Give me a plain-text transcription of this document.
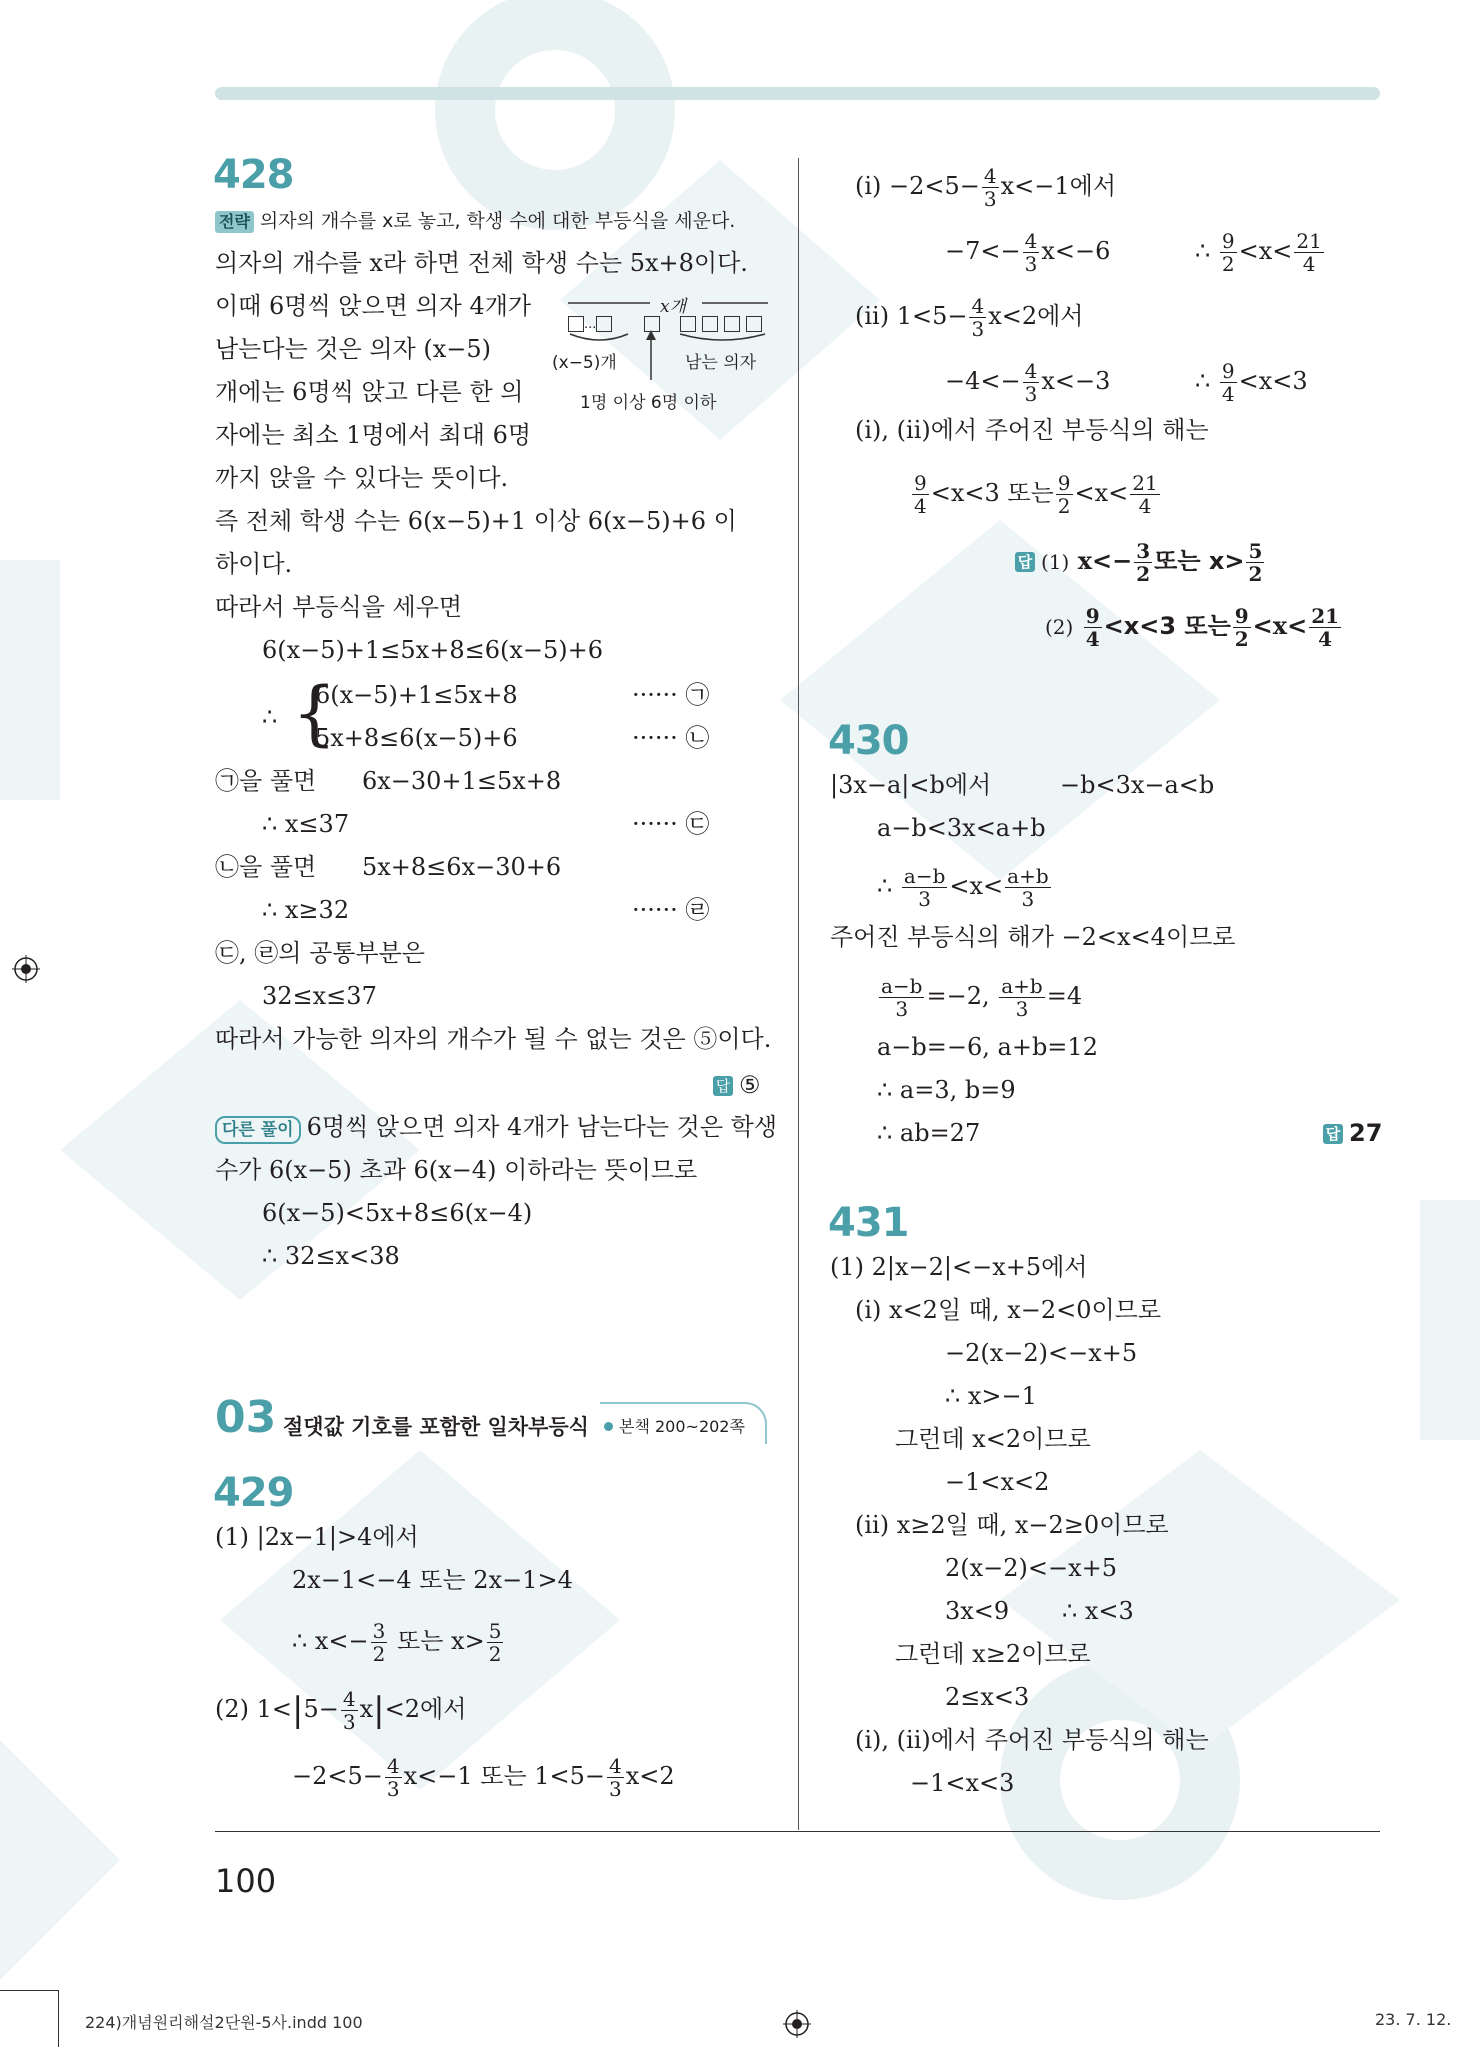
428
전략 의자의 개수를 x로 놓고, 학생 수에 대한 부등식을 세운다.
의자의 개수를 x라 하면 전체 학생 수는 5x+8이다.
이때 6명씩 앉으면 의자 4개가
남는다는 것은 의자 (x−5)
개에는 6명씩 앉고 다른 한 의
자에는 최소 1명에서 최대 6명
까지 앉을 수 있다는 뜻이다.
x개
···
(x−5)개	남는 의자
1명 이상 6명 이하
즉 전체 학생 수는 6(x−5)+1 이상 6(x−5)+6 이
하이다.
따라서 부등식을 세우면
6(x−5)+1≤5x+8≤6(x−5)+6
∴ {
6(x−5)+1≤5x+8	······ ㉠
5x+8≤6(x−5)+6	······ ㉡
㉠을 풀면 6x−30+1≤5x+8
∴ x≤37	······ ㉢
㉡을 풀면 5x+8≤6x−30+6
∴ x≥32	······ ㉣
㉢, ㉣의 공통부분은
32≤x≤37
따라서 가능한 의자의 개수가 될 수 없는 것은 ⑤이다.
답 ⑤
다른 풀이 6명씩 앉으면 의자 4개가 남는다는 것은 학생
수가 6(x−5) 초과 6(x−4) 이하라는 뜻이므로
6(x−5)<5x+8≤6(x−4)
∴ 32≤x<38
03 절댓값 기호를 포함한 일차부등식	본책 200~202쪽
429
(1) |2x−1|>4에서
2x−1<−4 또는 2x−1>4
∴ $x<- \frac{3}{2}$ 또는 $x> \frac{5}{2}$
(2) $1<|5- \frac{4}{3} x|<2$에서
$-2<5- \frac{4}{3} x<-1$ 또는 $1<5- \frac{4}{3} x<2$
$(i) -2<5- \frac{4}{3} x<-1$에서
$-7<- \frac{4}{3} x<-6$	∴ $\frac{9}{2} <x< \frac{21}{4}$
(ii) $1<5- \frac{4}{3} x<2$에서
$-4<- \frac{4}{3} x<-3$	∴ $\frac{9}{4} <x<3$
(i), (ii)에서 주어진 부등식의 해는
$\frac{9}{4} <x<3$ 또는 $\frac{9}{2} <x< \frac{21}{4}$
답 (1) $x<- \frac{3}{2}$ 또는 $x> \frac{5}{2}$
$(2) \frac{9}{4} <x<3$ 또는 $\frac{9}{2} <x< \frac{21}{4}$
430
|3x−a|<b에서	−b<3x−a<b
a−b<3x<a+b
∴ $\frac{a-b}{3} <x< \frac{a+b}{3}$
주어진 부등식의 해가 −2<x<4이므로
$\frac{a-b}{3} =-2$, $\frac{a+b}{3} =4$
a−b=−6, a+b=12
∴ a=3, b=9
∴ ab=27	답 27
431
(1) 2|x−2|<−x+5에서
(i) x<2일 때, x−2<0이므로
−2(x−2)<−x+5
∴ x>−1
그런데 x<2이므로
−1<x<2
(ii) x≥2일 때, x−2≥0이므로
2(x−2)<−x+5
3x<9 ∴ x<3
그런데 x≥2이므로
2≤x<3
(i), (ii)에서 주어진 부등식의 해는
−1<x<3
100
224)개념원리해설2단원-5사.indd 100	23. 7. 12.
